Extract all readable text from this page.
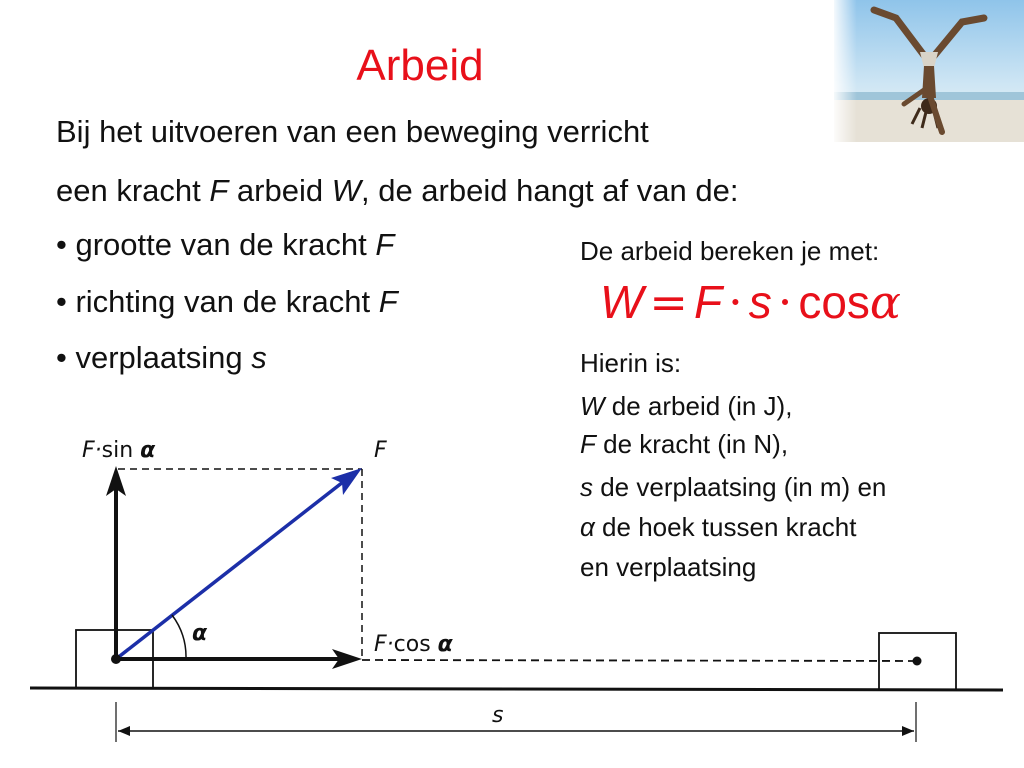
Arbeid
Bij het uitvoeren van een beweging verricht
een kracht F arbeid W, de arbeid hangt af van de:
• grootte van de kracht F
• richting van de kracht F
• verplaatsing s
De arbeid bereken je met:
W = F · s · cosα
Hierin is:
W de arbeid (in J),
F de kracht (in N),
s de verplaatsing (in m) en
α de hoek tussen kracht
en verplaatsing
F·sin α	F
α	F·cos α
s
